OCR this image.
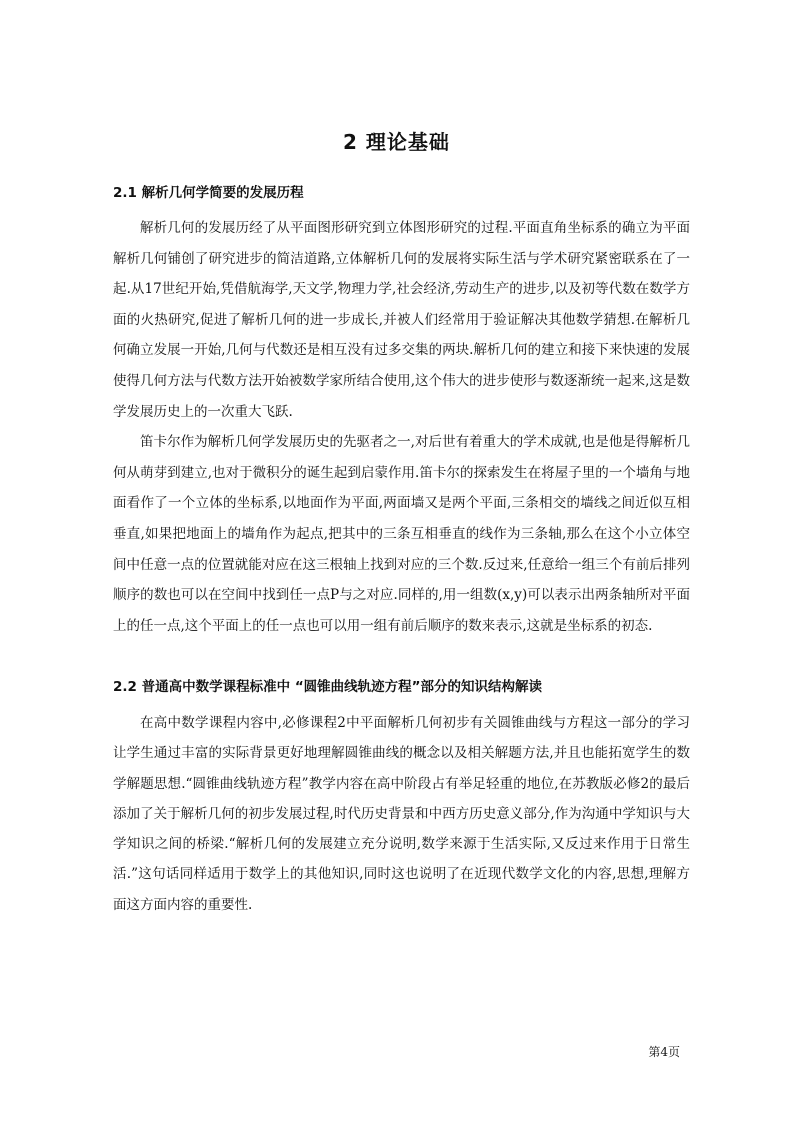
2 理论基础
2.1 解析几何学简要的发展历程

解析几何的发展历经了从平面图形研究到立体图形研究的过程.平面直角坐标系的确立为平面解析几何铺创了研究进步的简洁道路,立体解析几何的发展将实际生活与学术研究紧密联系在了一起.从17世纪开始,凭借航海学,天文学,物理力学,社会经济,劳动生产的进步,以及初等代数在数学方面的火热研究,促进了解析几何的进一步成长,并被人们经常用于验证解决其他数学猜想.在解析几何确立发展一开始,几何与代数还是相互没有过多交集的两块.解析几何的建立和接下来快速的发展使得几何方法与代数方法开始被数学家所结合使用,这个伟大的进步使形与数逐渐统一起来,这是数学发展历史上的一次重大飞跃.

笛卡尔作为解析几何学发展历史的先驱者之一,对后世有着重大的学术成就,也是他是得解析几何从萌芽到建立,也对于微积分的诞生起到启蒙作用.笛卡尔的探索发生在将屋子里的一个墙角与地面看作了一个立体的坐标系,以地面作为平面,两面墙又是两个平面,三条相交的墙线之间近似互相垂直,如果把地面上的墙角作为起点,把其中的三条互相垂直的线作为三条轴,那么在这个小立体空间中任意一点的位置就能对应在这三根轴上找到对应的三个数.反过来,任意给一组三个有前后排列顺序的数也可以在空间中找到任一点P与之对应.同样的,用一组数(x,y)可以表示出两条轴所对平面上的任一点,这个平面上的任一点也可以用一组有前后顺序的数来表示,这就是坐标系的初态.

2.2 普通高中数学课程标准中 “圆锥曲线轨迹方程”部分的知识结构解读

在高中数学课程内容中,必修课程2中平面解析几何初步有关圆锥曲线与方程这一部分的学习让学生通过丰富的实际背景更好地理解圆锥曲线的概念以及相关解题方法,并且也能拓宽学生的数学解题思想.“圆锥曲线轨迹方程”教学内容在高中阶段占有举足轻重的地位,在苏教版必修2的最后添加了关于解析几何的初步发展过程,时代历史背景和中西方历史意义部分,作为沟通中学知识与大学知识之间的桥梁.“解析几何的发展建立充分说明,数学来源于生活实际,又反过来作用于日常生活.”这句话同样适用于数学上的其他知识,同时这也说明了在近现代数学文化的内容,思想,理解方面这方面内容的重要性.

第4页
